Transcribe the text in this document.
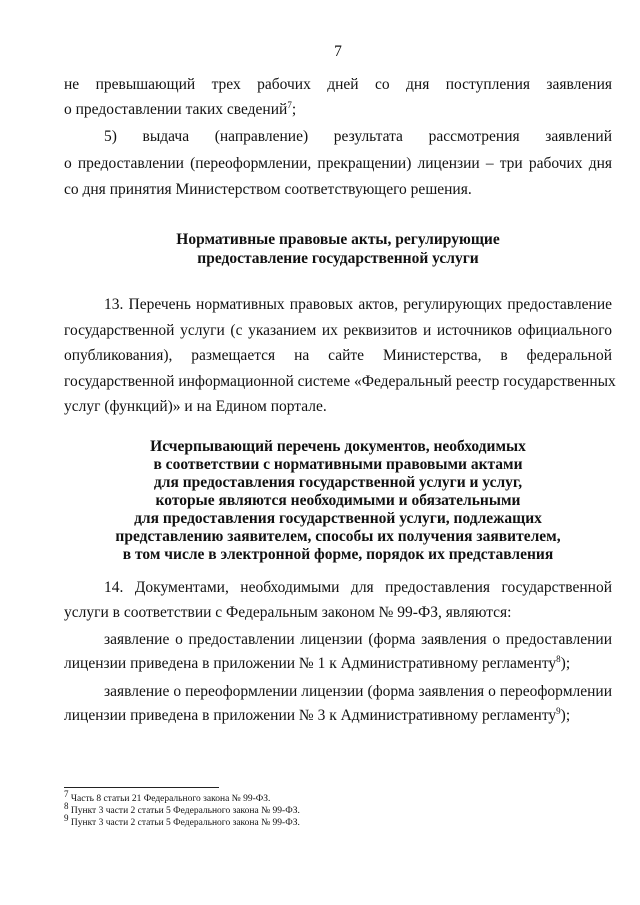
7
не превышающий трех рабочих дней со дня поступления заявления
о предоставлении таких сведений$^7$;
5) выдача (направление) результата рассмотрения заявлений
о предоставлении (переоформлении, прекращении) лицензии – три рабочих дня
со дня принятия Министерством соответствующего решения.
Нормативные правовые акты, регулирующие
предоставление государственной услуги
13. Перечень нормативных правовых актов, регулирующих предоставление
государственной услуги (с указанием их реквизитов и источников официального
опубликования), размещается на сайте Министерства, в федеральной
государственной информационной системе «Федеральный реестр государственных
услуг (функций)» и на Едином портале.
Исчерпывающий перечень документов, необходимых
в соответствии с нормативными правовыми актами
для предоставления государственной услуги и услуг,
которые являются необходимыми и обязательными
для предоставления государственной услуги, подлежащих
представлению заявителем, способы их получения заявителем,
в том числе в электронной форме, порядок их представления
14. Документами, необходимыми для предоставления государственной
услуги в соответствии с Федеральным законом № 99-ФЗ, являются:
заявление о предоставлении лицензии (форма заявления о предоставлении
лицензии приведена в приложении № 1 к Административному регламенту$^8$);
заявление о переоформлении лицензии (форма заявления о переоформлении
лицензии приведена в приложении № 3 к Административному регламенту$^9$);
$^7$ Часть 8 статьи 21 Федерального закона № 99-ФЗ.
$^8$ Пункт 3 части 2 статьи 5 Федерального закона № 99-ФЗ.
$^9$ Пункт 3 части 2 статьи 5 Федерального закона № 99-ФЗ.
